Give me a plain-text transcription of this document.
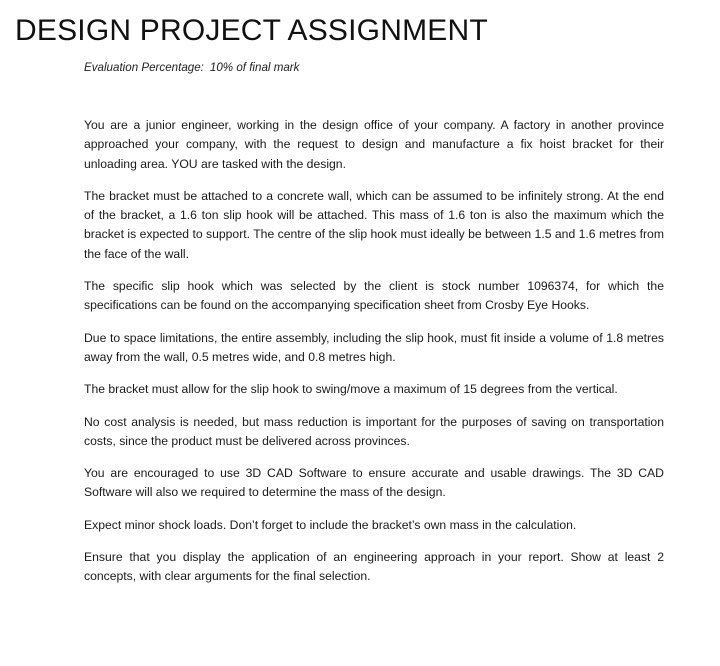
DESIGN PROJECT ASSIGNMENT
Evaluation Percentage: 10% of final mark

You are a junior engineer, working in the design office of your company. A factory in another province approached your company, with the request to design and manufacture a fix hoist bracket for their unloading area. YOU are tasked with the design.

The bracket must be attached to a concrete wall, which can be assumed to be infinitely strong. At the end of the bracket, a 1.6 ton slip hook will be attached. This mass of 1.6 ton is also the maximum which the bracket is expected to support. The centre of the slip hook must ideally be between 1.5 and 1.6 metres from the face of the wall.

The specific slip hook which was selected by the client is stock number 1096374, for which the specifications can be found on the accompanying specification sheet from Crosby Eye Hooks.

Due to space limitations, the entire assembly, including the slip hook, must fit inside a volume of 1.8 metres away from the wall, 0.5 metres wide, and 0.8 metres high.

The bracket must allow for the slip hook to swing/move a maximum of 15 degrees from the vertical.

No cost analysis is needed, but mass reduction is important for the purposes of saving on transportation costs, since the product must be delivered across provinces.

You are encouraged to use 3D CAD Software to ensure accurate and usable drawings. The 3D CAD Software will also we required to determine the mass of the design.

Expect minor shock loads. Don’t forget to include the bracket’s own mass in the calculation.

Ensure that you display the application of an engineering approach in your report. Show at least 2 concepts, with clear arguments for the final selection.
